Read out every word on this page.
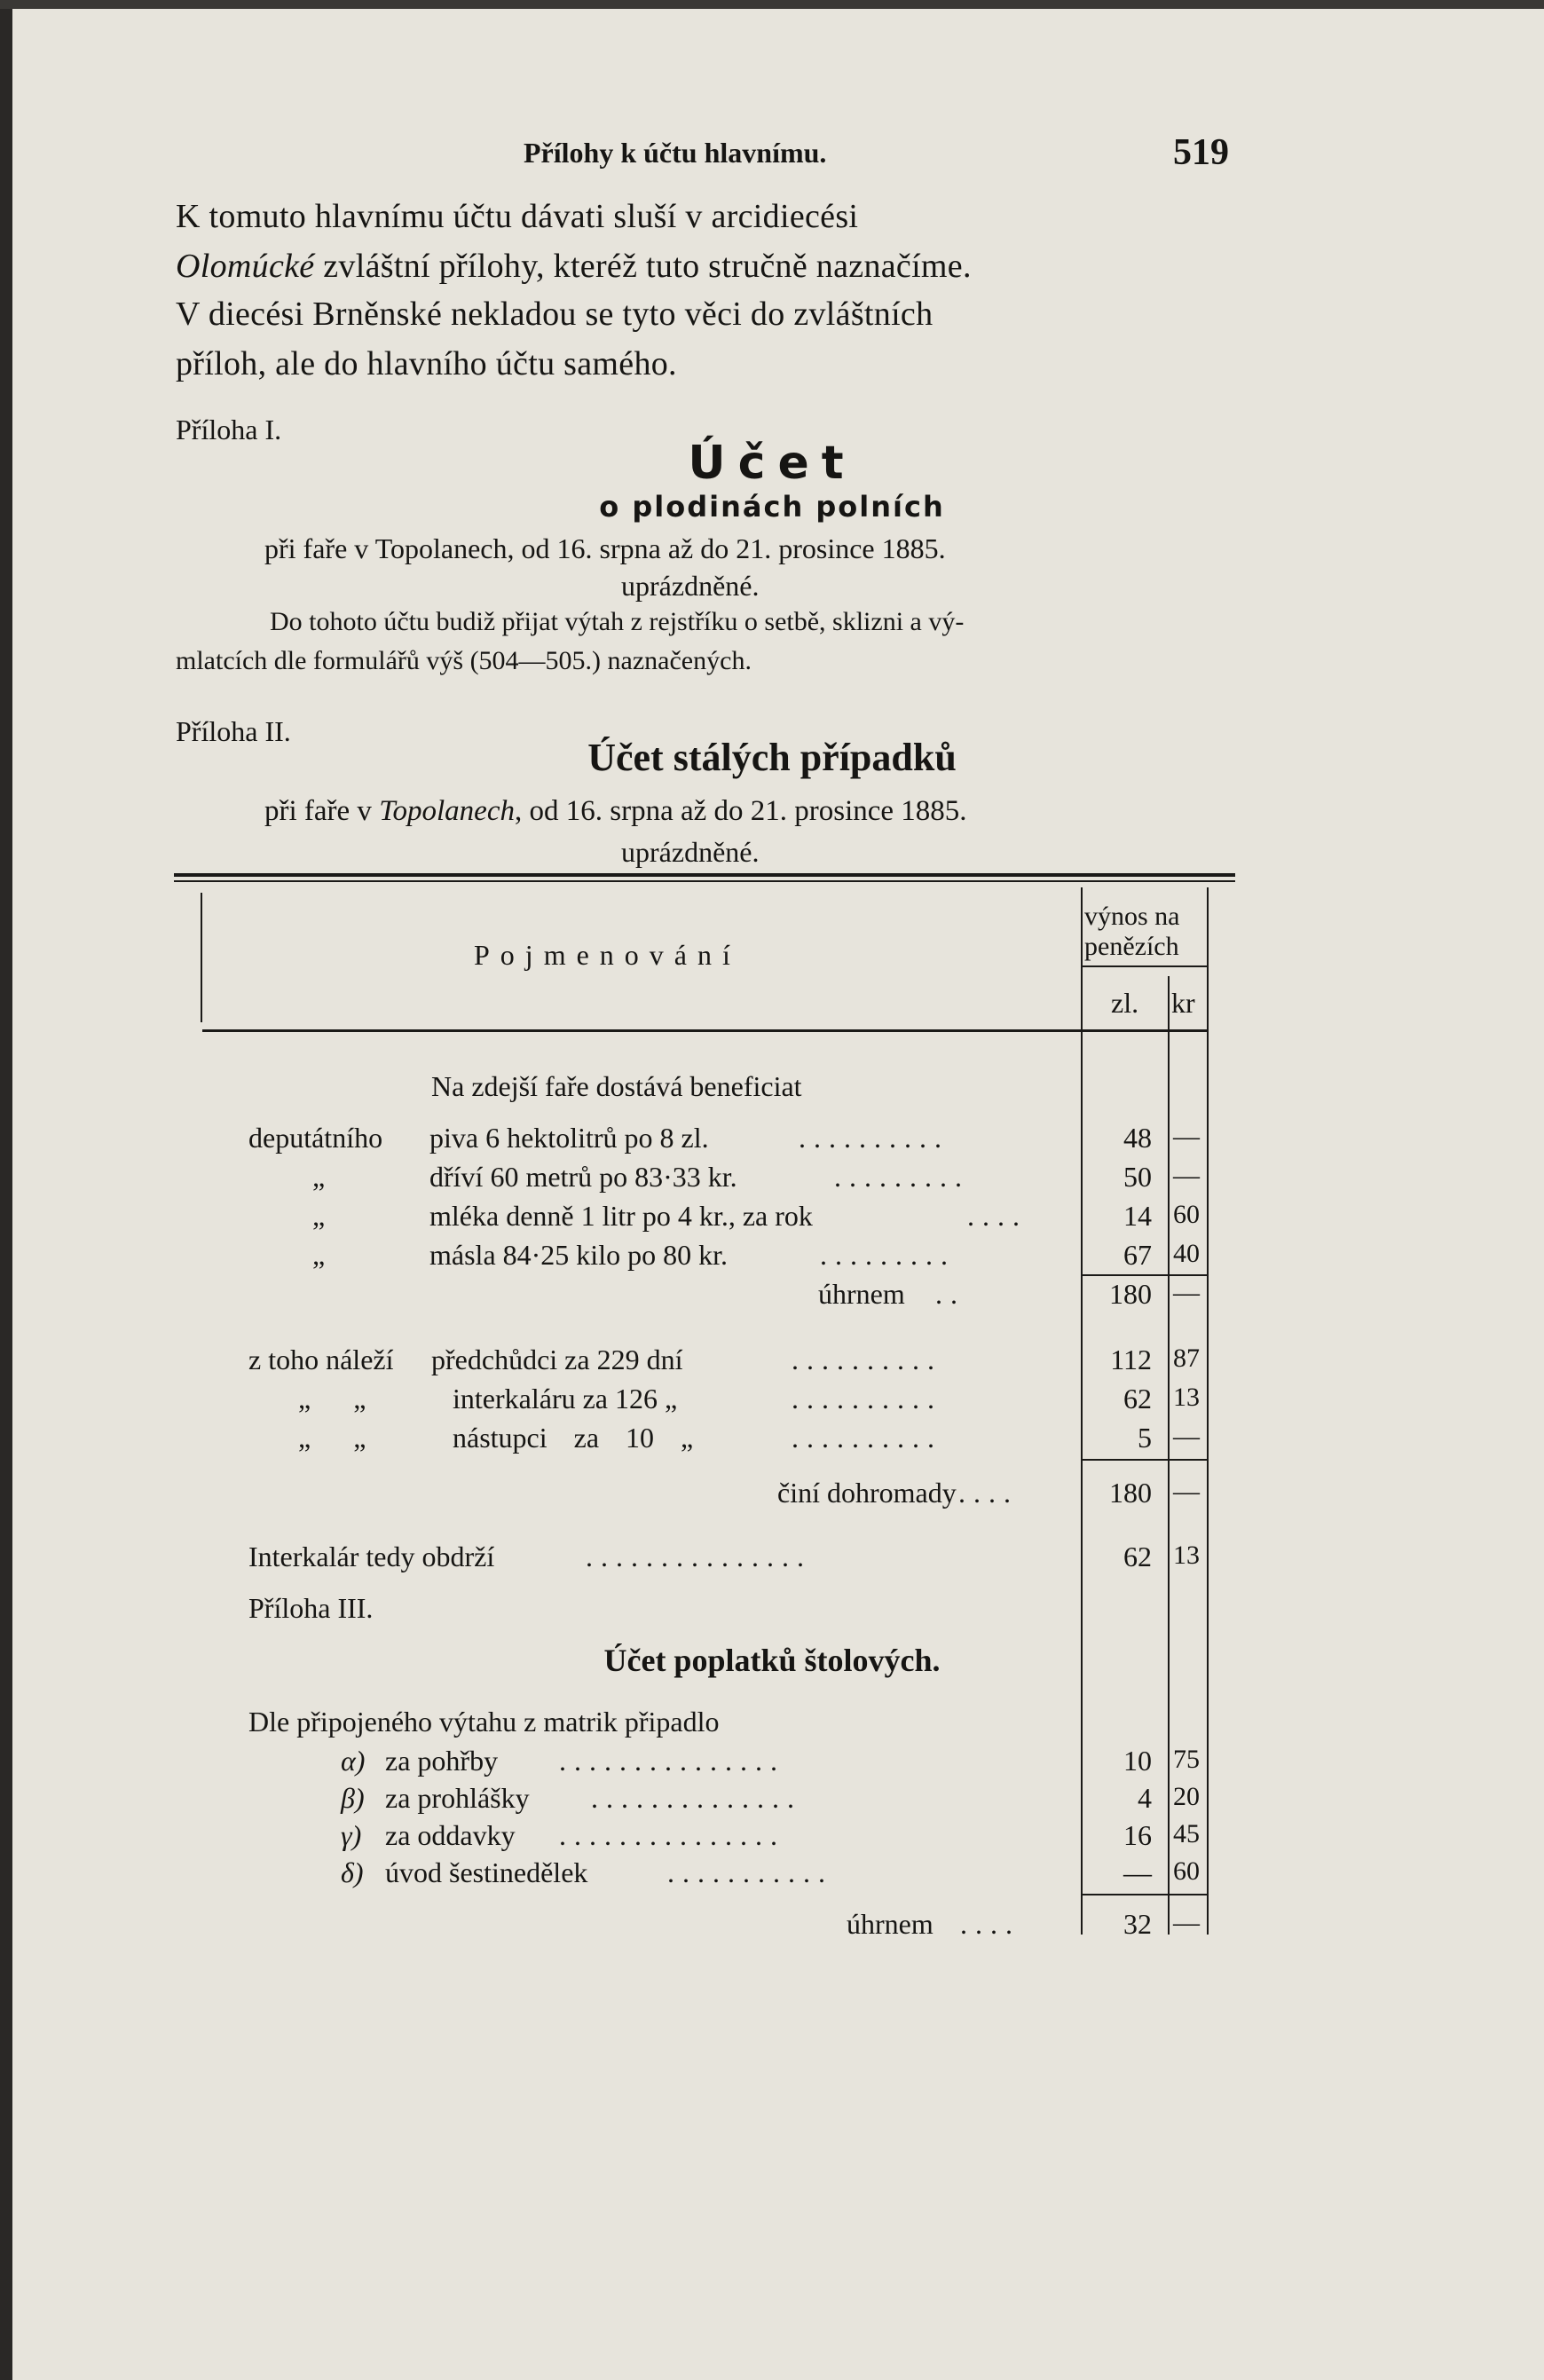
Přílohy k účtu hlavnímu.	519
K tomuto hlavnímu účtu dávati sluší v arcidiecési
Olomúcké zvláštní přílohy, kteréž tuto stručně naznačíme.
V diecési Brněnské nekladou se tyto věci do zvláštních
příloh, ale do hlavního účtu samého.
Příloha I.
Účet
o plodinách polních
při faře v Topolanech, od 16. srpna až do 21. prosince 1885.
uprázdněné.
Do tohoto účtu budiž přijat výtah z rejstříku o setbě, sklizni a vý-
mlatcích dle formulářů výš (504—505.) naznačených.
Příloha II.
Účet stálých případků
při faře v Topolanech, od 16. srpna až do 21. prosince 1885.
uprázdněné.
Pojmenování
výnos na
penězích
zl. kr
Na zdejší faře dostává beneficiat
deputátního piva 6 hektolitrů po 8 zl.	..........	48 —
„	dříví 60 metrů po 83·33 kr.	.........	50 —
„	mléka denně 1 litr po 4 kr., za rok	....	14 60
„	másla 84·25 kilo po 80 kr.	.........	67 40
úhrnem ..	180 —
z toho náleží předchůdci za 229 dní	..........	112 87
„ „	interkaláru za 126 „	..........	62 13
„ „	nástupci za 10 „	..........	5 —
činí dohromady ....	180 —
Interkalár tedy obdrží	...............	62 13
Příloha III.
Účet poplatků štolových.
Dle připojeného výtahu z matrik připadlo
α) za pohřby ...............	10 75
β) za prohlášky ..............	4 20
γ) za oddavky ...............	16 45
δ) úvod šestinedělek	...........	— 60
úhrnem ....	32 —
